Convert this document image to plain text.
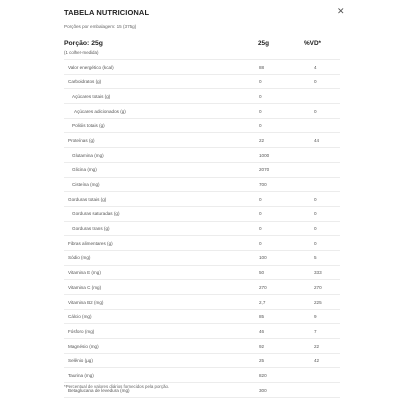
TABELA NUTRICIONAL	✕
Porções por embalagem: 15 (375g)
Porção: 25g
(1 colher-medida)
25g	%VD*
Valor energético (kcal)	88	4
Carboidratos (g)	0	0
Açúcares totais (g)	0
Açúcares adicionados (g)	0	0
Polióis totais (g)	0
Proteínas (g)	22	44
Glutamina (mg)	1000
Glicina (mg)	2070
Cisteína (mg)	700
Gorduras totais (g)	0	0
Gorduras saturadas (g)	0	0
Gorduras trans (g)	0	0
Fibras alimentares (g)	0	0
Sódio (mg)	100	5
Vitamina E (mg)	50	333
Vitamina C (mg)	270	270
Vitamina B2 (mg)	2,7	225
Cálcio (mg)	85	9
Fósforo (mg)	46	7
Magnésio (mg)	92	22
Selênio (µg)	25	42
Taurina (mg)	820
Betaglucana de levedura (mg)	300
*Percentual de valores diários fornecidos pela porção.
